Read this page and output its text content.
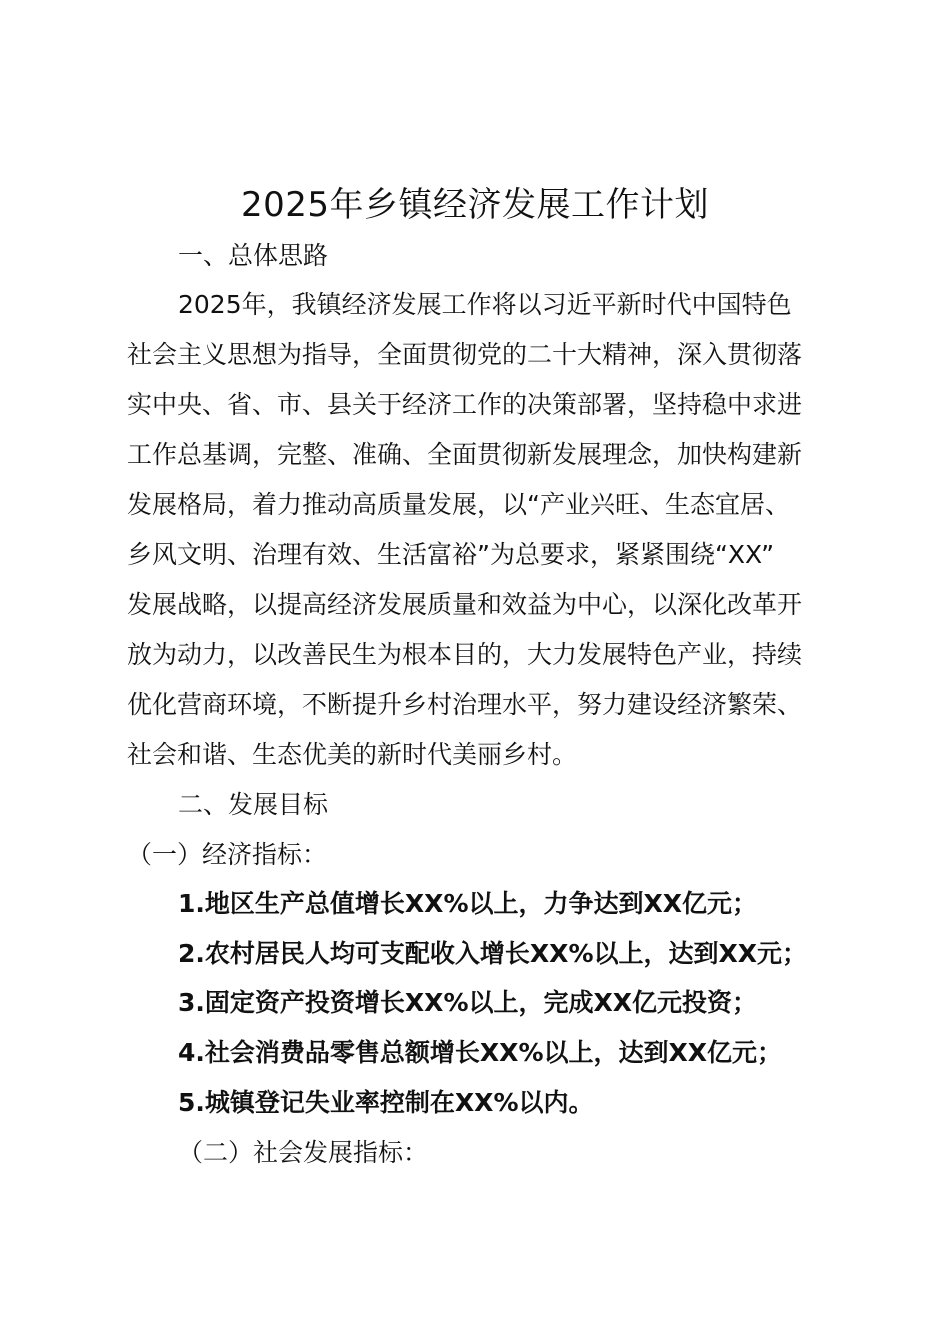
2025年乡镇经济发展工作计划

一、总体思路

2025年，我镇经济发展工作将以习近平新时代中国特色

社会主义思想为指导，全面贯彻党的二十大精神，深入贯彻落

实中央、省、市、县关于经济工作的决策部署，坚持稳中求进

工作总基调，完整、准确、全面贯彻新发展理念，加快构建新

发展格局，着力推动高质量发展，以“产业兴旺、生态宜居、

乡风文明、治理有效、生活富裕”为总要求，紧紧围绕“XX”

发展战略，以提高经济发展质量和效益为中心，以深化改革开

放为动力，以改善民生为根本目的，大力发展特色产业，持续

优化营商环境，不断提升乡村治理水平，努力建设经济繁荣、

社会和谐、生态优美的新时代美丽乡村。

二、发展目标

（一）经济指标：

1.地区生产总值增长XX%以上，力争达到XX亿元；

2.农村居民人均可支配收入增长XX%以上，达到XX元；

3.固定资产投资增长XX%以上，完成XX亿元投资；

4.社会消费品零售总额增长XX%以上，达到XX亿元；

5.城镇登记失业率控制在XX%以内。

（二）社会发展指标：
